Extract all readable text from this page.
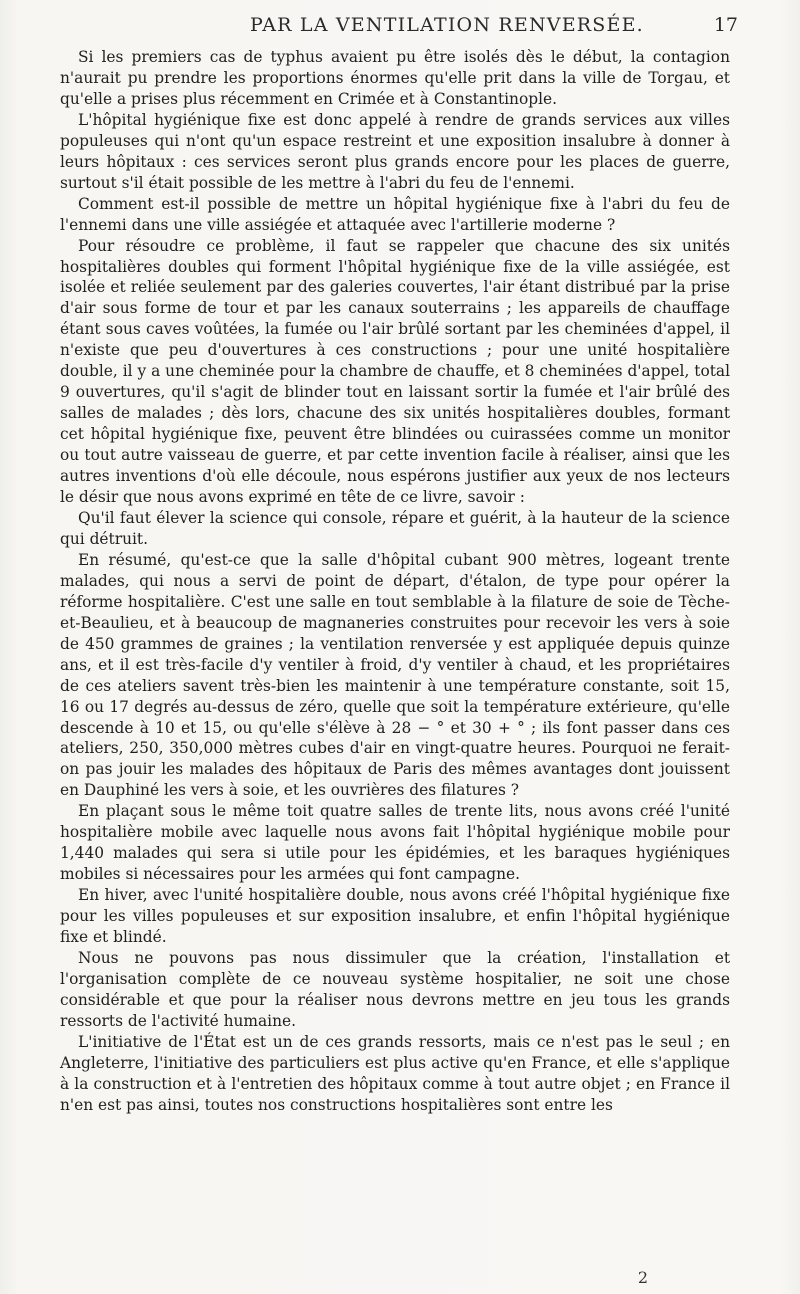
PAR LA VENTILATION RENVERSÉE.	17

Si les premiers cas de typhus avaient pu être isolés dès le début, la contagion n'aurait pu prendre les proportions énormes qu'elle prit dans la ville de Torgau, et qu'elle a prises plus récemment en Crimée et à Constantinople.

L'hôpital hygiénique fixe est donc appelé à rendre de grands services aux villes populeuses qui n'ont qu'un espace restreint et une exposition insalubre à donner à leurs hôpitaux : ces services seront plus grands encore pour les places de guerre, surtout s'il était possible de les mettre à l'abri du feu de l'ennemi.

Comment est-il possible de mettre un hôpital hygiénique fixe à l'abri du feu de l'ennemi dans une ville assiégée et attaquée avec l'artillerie moderne ?

Pour résoudre ce problème, il faut se rappeler que chacune des six unités hospitalières doubles qui forment l'hôpital hygiénique fixe de la ville assiégée, est isolée et reliée seulement par des galeries couvertes, l'air étant distribué par la prise d'air sous forme de tour et par les canaux souterrains ; les appareils de chauffage étant sous caves voûtées, la fumée ou l'air brûlé sortant par les cheminées d'appel, il n'existe que peu d'ouvertures à ces constructions ; pour une unité hospitalière double, il y a une cheminée pour la chambre de chauffe, et 8 cheminées d'appel, total 9 ouvertures, qu'il s'agit de blinder tout en laissant sortir la fumée et l'air brûlé des salles de malades ; dès lors, chacune des six unités hospitalières doubles, formant cet hôpital hygiénique fixe, peuvent être blindées ou cuirassées comme un monitor ou tout autre vaisseau de guerre, et par cette invention facile à réaliser, ainsi que les autres inventions d'où elle découle, nous espérons justifier aux yeux de nos lecteurs le désir que nous avons exprimé en tête de ce livre, savoir :

Qu'il faut élever la science qui console, répare et guérit, à la hauteur de la science qui détruit.

En résumé, qu'est-ce que la salle d'hôpital cubant 900 mètres, logeant trente malades, qui nous a servi de point de départ, d'étalon, de type pour opérer la réforme hospitalière. C'est une salle en tout semblable à la filature de soie de Tèche-et-Beaulieu, et à beaucoup de magnaneries construites pour recevoir les vers à soie de 450 grammes de graines ; la ventilation renversée y est appliquée depuis quinze ans, et il est très-facile d'y ventiler à froid, d'y ventiler à chaud, et les propriétaires de ces ateliers savent très-bien les maintenir à une température constante, soit 15, 16 ou 17 degrés au-dessus de zéro, quelle que soit la température extérieure, qu'elle descende à 10 et 15, ou qu'elle s'élève à 28 − ° et 30 + ° ; ils font passer dans ces ateliers, 250, 350,000 mètres cubes d'air en vingt-quatre heures. Pourquoi ne ferait-on pas jouir les malades des hôpitaux de Paris des mêmes avantages dont jouissent en Dauphiné les vers à soie, et les ouvrières des filatures ?

En plaçant sous le même toit quatre salles de trente lits, nous avons créé l'unité hospitalière mobile avec laquelle nous avons fait l'hôpital hygiénique mobile pour 1,440 malades qui sera si utile pour les épidémies, et les baraques hygiéniques mobiles si nécessaires pour les armées qui font campagne.

En hiver, avec l'unité hospitalière double, nous avons créé l'hôpital hygiénique fixe pour les villes populeuses et sur exposition insalubre, et enfin l'hôpital hygiénique fixe et blindé.

Nous ne pouvons pas nous dissimuler que la création, l'installation et l'organisation complète de ce nouveau système hospitalier, ne soit une chose considérable et que pour la réaliser nous devrons mettre en jeu tous les grands ressorts de l'activité humaine.

L'initiative de l'État est un de ces grands ressorts, mais ce n'est pas le seul ; en Angleterre, l'initiative des particuliers est plus active qu'en France, et elle s'applique à la construction et à l'entretien des hôpitaux comme à tout autre objet ; en France il n'en est pas ainsi, toutes nos constructions hospitalières sont entre les

2
